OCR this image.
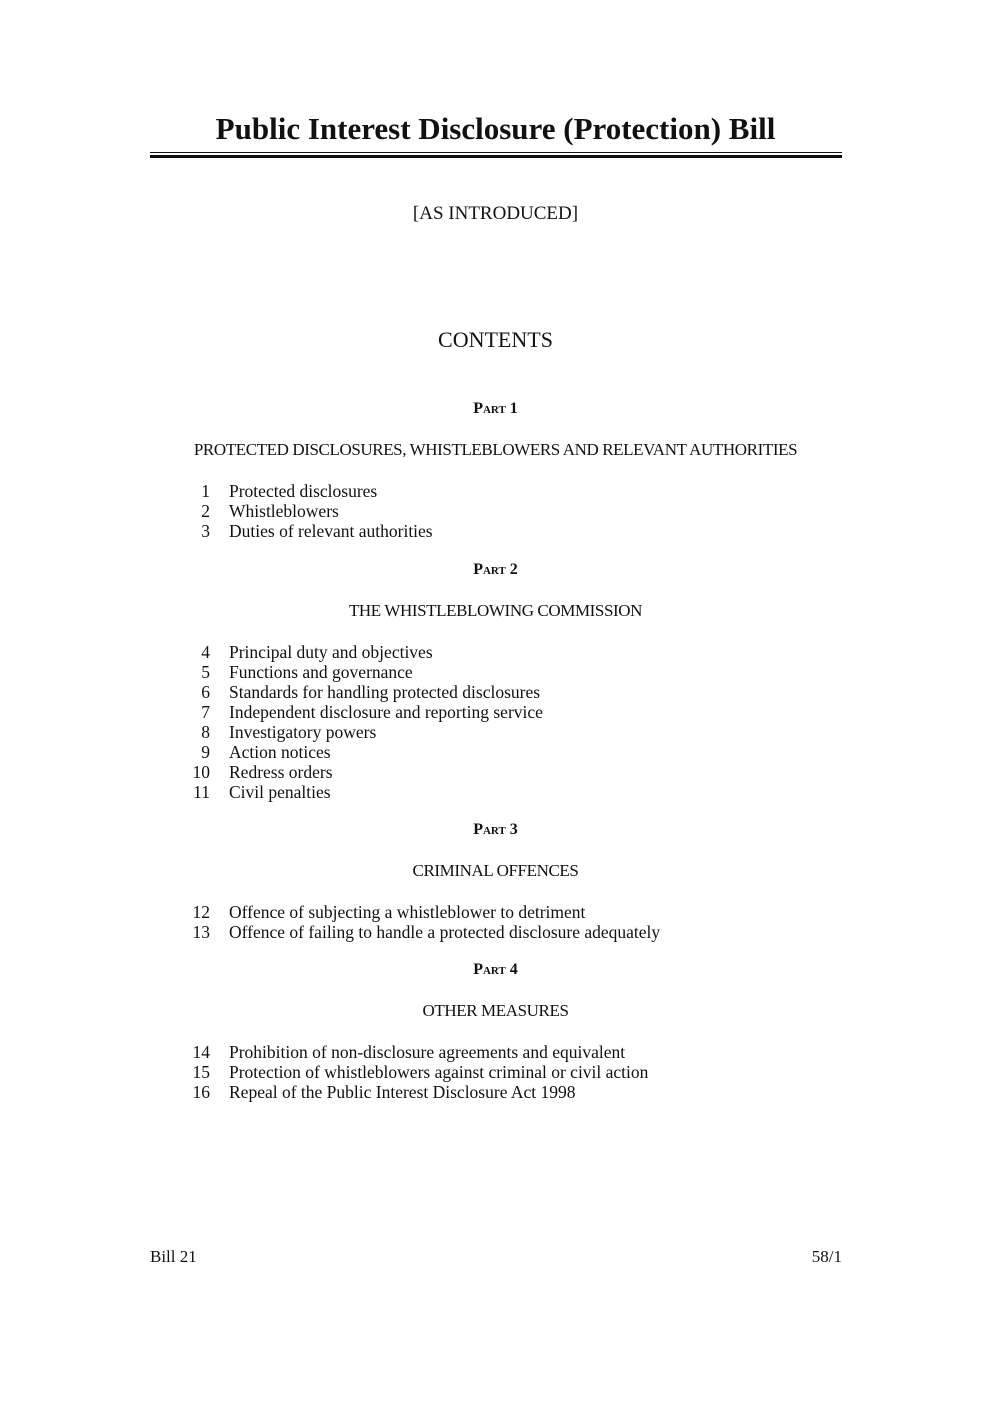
Public Interest Disclosure (Protection) Bill
[AS INTRODUCED]
CONTENTS
Part 1
PROTECTED DISCLOSURES, WHISTLEBLOWERS AND RELEVANT AUTHORITIES
1 Protected disclosures
2 Whistleblowers
3 Duties of relevant authorities
Part 2
THE WHISTLEBLOWING COMMISSION
4 Principal duty and objectives
5 Functions and governance
6 Standards for handling protected disclosures
7 Independent disclosure and reporting service
8 Investigatory powers
9 Action notices
10 Redress orders
11 Civil penalties
Part 3
CRIMINAL OFFENCES
12 Offence of subjecting a whistleblower to detriment
13 Offence of failing to handle a protected disclosure adequately
Part 4
OTHER MEASURES
14 Prohibition of non-disclosure agreements and equivalent
15 Protection of whistleblowers against criminal or civil action
16 Repeal of the Public Interest Disclosure Act 1998
Bill 21	58/1
